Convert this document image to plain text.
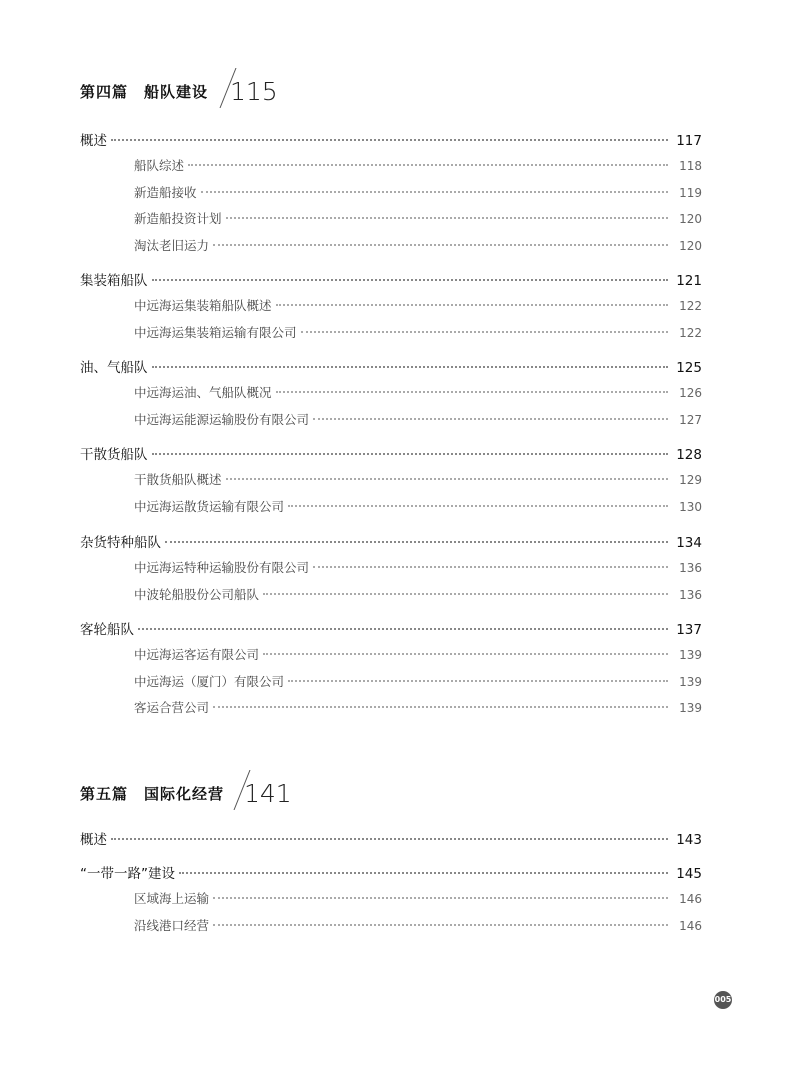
第四篇　船队建设 115
概述	117
船队综述	118
新造船接收	119
新造船投资计划	120
淘汰老旧运力	120
集装箱船队	121
中远海运集装箱船队概述	122
中远海运集装箱运输有限公司	122
油、气船队	125
中远海运油、气船队概况	126
中远海运能源运输股份有限公司	127
干散货船队	128
干散货船队概述	129
中远海运散货运输有限公司	130
杂货特种船队	134
中远海运特种运输股份有限公司	136
中波轮船股份公司船队	136
客轮船队	137
中远海运客运有限公司	139
中远海运（厦门）有限公司	139
客运合营公司	139
第五篇　国际化经营 141
概述	143
“一带一路”建设	145
区域海上运输	146
沿线港口经营	146
005
